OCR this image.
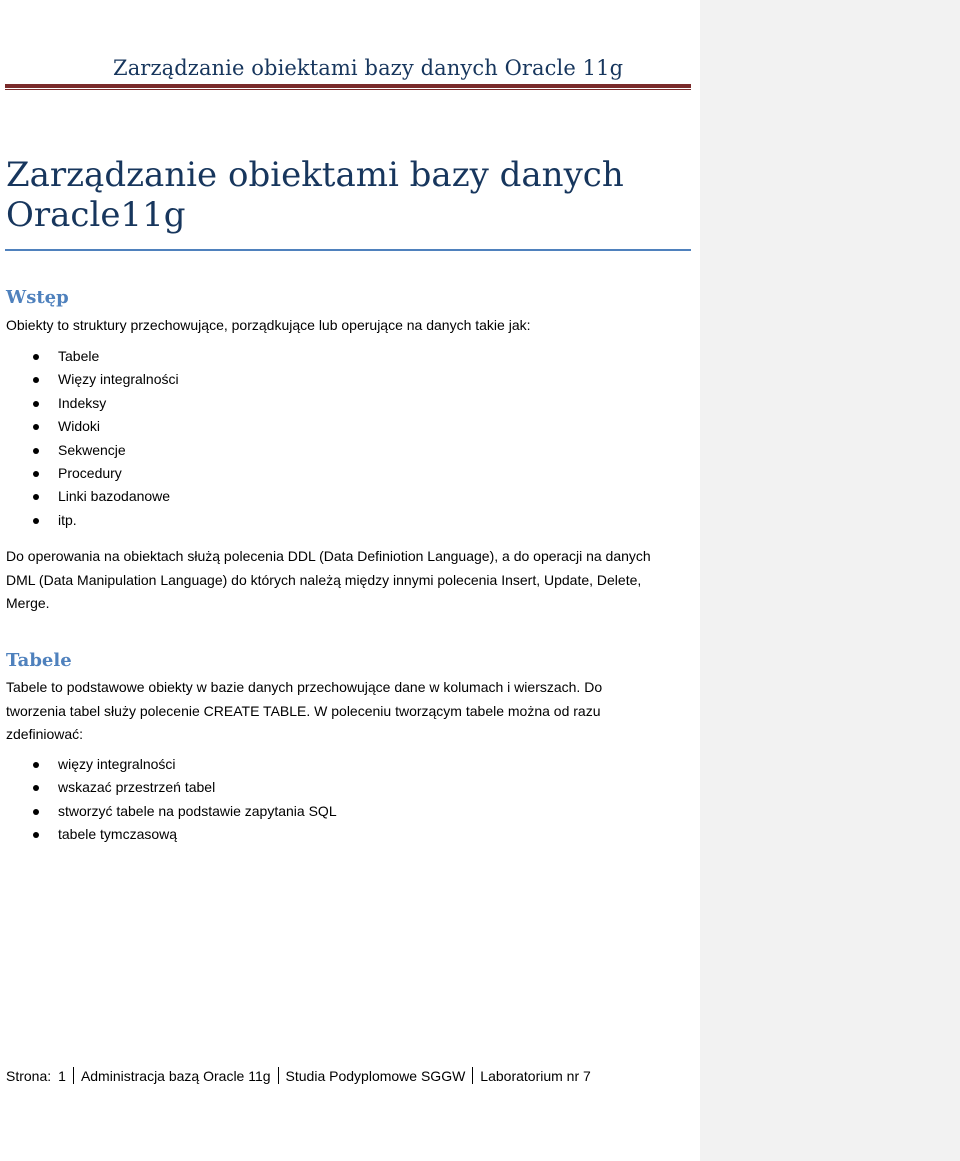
Zarządzanie obiektami bazy danych Oracle 11g
Zarządzanie obiektami bazy danych
Oracle11g
Wstęp

Obiekty to struktury przechowujące, porządkujące lub operujące na danych takie jak:

Tabele
Więzy integralności
Indeksy
Widoki
Sekwencje
Procedury
Linki bazodanowe
itp.

Do operowania na obiektach służą polecenia DDL (Data Definiotion Language), a do operacji na danych
DML (Data Manipulation Language) do których należą między innymi polecenia Insert, Update, Delete,
Merge.

Tabele

Tabele to podstawowe obiekty w bazie danych przechowujące dane w kolumach i wierszach. Do
tworzenia tabel służy polecenie CREATE TABLE. W poleceniu tworzącym tabele można od razu
zdefiniować:

więzy integralności
wskazać przestrzeń tabel
stworzyć tabele na podstawie zapytania SQL
tabele tymczasową
Strona: 1 Administracja bazą Oracle 11g Studia Podyplomowe SGGW Laboratorium nr 7
